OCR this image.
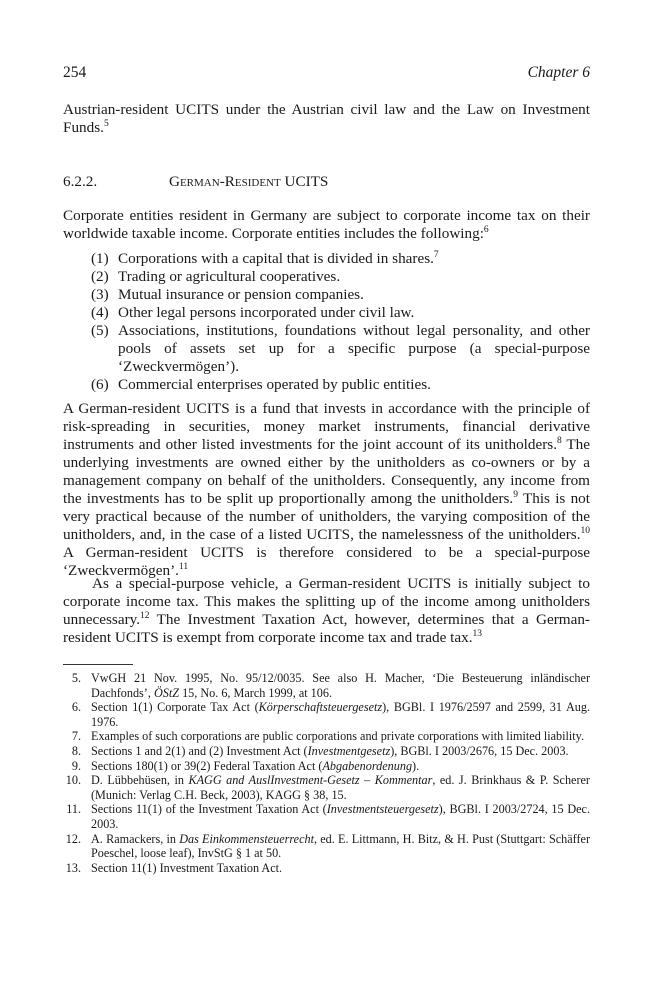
254	Chapter 6

Austrian-resident UCITS under the Austrian civil law and the Law on Investment Funds.$^5$

6.2.2.	German-Resident UCITS

Corporate entities resident in Germany are subject to corporate income tax on their worldwide taxable income. Corporate entities includes the following:$^6$

(1) Corporations with a capital that is divided in shares.$^7$
(2) Trading or agricultural cooperatives.
(3) Mutual insurance or pension companies.
(4) Other legal persons incorporated under civil law.
(5) Associations, institutions, foundations without legal personality, and other pools of assets set up for a specific purpose (a special-purpose ‘Zweckvermögen’).
(6) Commercial enterprises operated by public entities.

A German-resident UCITS is a fund that invests in accordance with the principle of risk-spreading in securities, money market instruments, financial derivative instruments and other listed investments for the joint account of its unitholders.$^8$ The underlying investments are owned either by the unitholders as co-owners or by a management company on behalf of the unitholders. Consequently, any income from the investments has to be split up proportionally among the unitholders.$^9$ This is not very practical because of the number of unitholders, the varying composition of the unitholders, and, in the case of a listed UCITS, the namelessness of the unitholders.$^{10}$ A German-resident UCITS is therefore considered to be a special-purpose ‘Zweckvermögen’.$^{11}$

As a special-purpose vehicle, a German-resident UCITS is initially subject to corporate income tax. This makes the splitting up of the income among unitholders unnecessary.$^{12}$ The Investment Taxation Act, however, determines that a German-resident UCITS is exempt from corporate income tax and trade tax.$^{13}$

5. VwGH 21 Nov. 1995, No. 95/12/0035. See also H. Macher, ‘Die Besteuerung inländischer Dachfonds’, ÖStZ 15, No. 6, March 1999, at 106.
6. Section 1(1) Corporate Tax Act (Körperschaftsteuergesetz), BGBl. I 1976/2597 and 2599, 31 Aug. 1976.
7. Examples of such corporations are public corporations and private corporations with limited liability.
8. Sections 1 and 2(1) and (2) Investment Act (Investmentgesetz), BGBl. I 2003/2676, 15 Dec. 2003.
9. Sections 180(1) or 39(2) Federal Taxation Act (Abgabenordenung).
10. D. Lübbehüsen, in KAGG and AuslInvestment-Gesetz – Kommentar, ed. J. Brinkhaus & P. Scherer (Munich: Verlag C.H. Beck, 2003), KAGG § 38, 15.
11. Sections 11(1) of the Investment Taxation Act (Investmentsteuergesetz), BGBl. I 2003/2724, 15 Dec. 2003.
12. A. Ramackers, in Das Einkommensteuerrecht, ed. E. Littmann, H. Bitz, & H. Pust (Stuttgart: Schäffer Poeschel, loose leaf), InvStG § 1 at 50.
13. Section 11(1) Investment Taxation Act.
